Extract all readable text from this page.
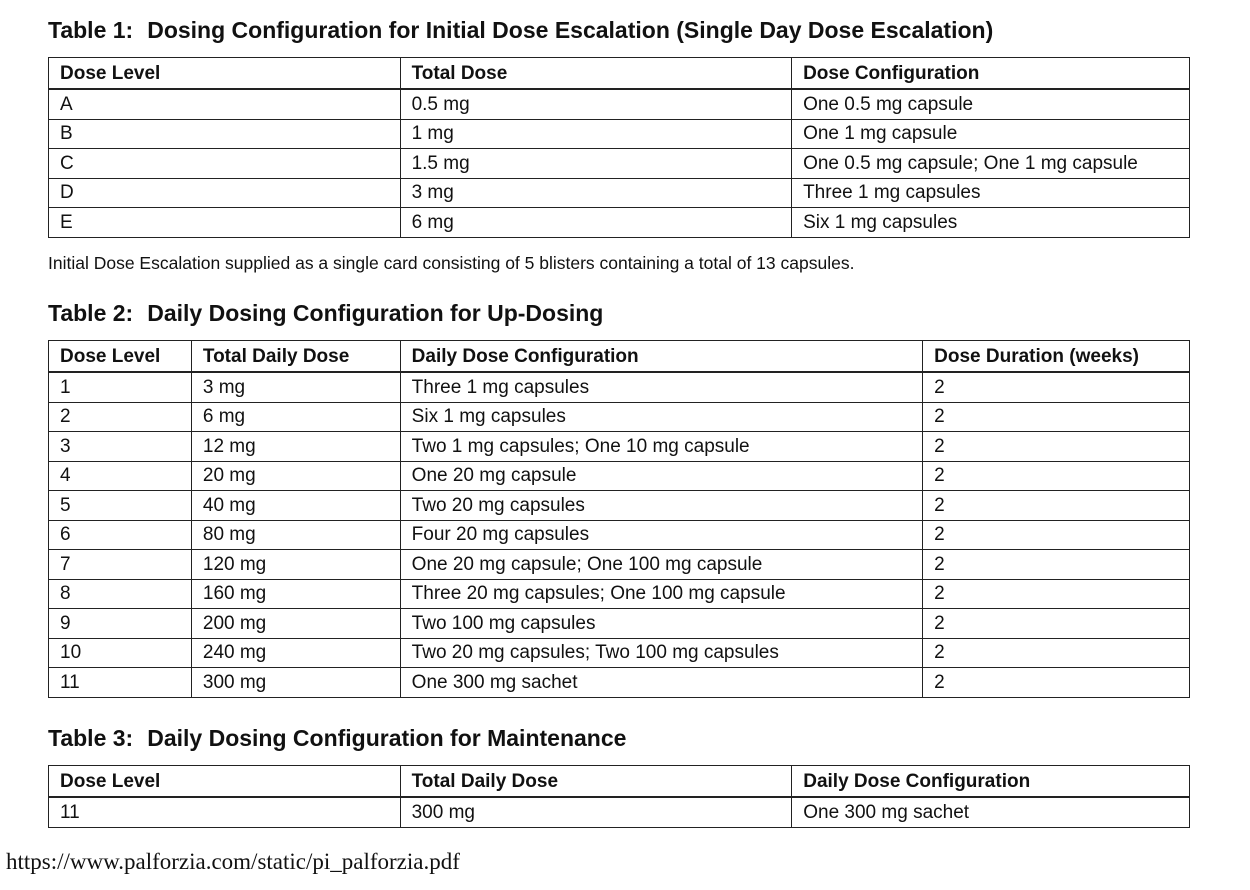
Table 1: Dosing Configuration for Initial Dose Escalation (Single Day Dose Escalation)
Dose Level	Total Dose	Dose Configuration
A	0.5 mg	One 0.5 mg capsule
B	1 mg	One 1 mg capsule
C	1.5 mg	One 0.5 mg capsule; One 1 mg capsule
D	3 mg	Three 1 mg capsules
E	6 mg	Six 1 mg capsules
Initial Dose Escalation supplied as a single card consisting of 5 blisters containing a total of 13 capsules.
Table 2: Daily Dosing Configuration for Up-Dosing
Dose Level	Total Daily Dose	Daily Dose Configuration	Dose Duration (weeks)
1	3 mg	Three 1 mg capsules	2
2	6 mg	Six 1 mg capsules	2
3	12 mg	Two 1 mg capsules; One 10 mg capsule	2
4	20 mg	One 20 mg capsule	2
5	40 mg	Two 20 mg capsules	2
6	80 mg	Four 20 mg capsules	2
7	120 mg	One 20 mg capsule; One 100 mg capsule	2
8	160 mg	Three 20 mg capsules; One 100 mg capsule	2
9	200 mg	Two 100 mg capsules	2
10	240 mg	Two 20 mg capsules; Two 100 mg capsules	2
11	300 mg	One 300 mg sachet	2
Table 3: Daily Dosing Configuration for Maintenance
Dose Level	Total Daily Dose	Daily Dose Configuration
11	300 mg	One 300 mg sachet
https://www.palforzia.com/static/pi_palforzia.pdf
